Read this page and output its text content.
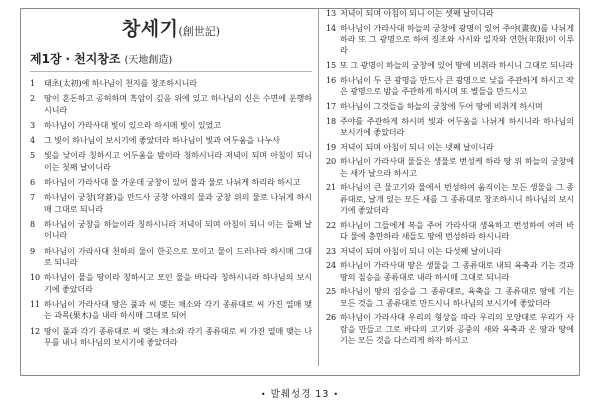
창세기(創世記)
제1장 · 천지창조 (天地創造)
1	태초(太初)에 하나님이 천지를 창조하시니라
2	땅이 혼돈하고 공허하며 흑암이 깊음 위에 있고 하나님의 신은 수면에 운행하시니라
3	하나님이 가라사대 빛이 있으라 하시매 빛이 있었고
4	그 빛이 하나님이 보시기에 좋았더라 하나님이 빛과 어두움을 나누사
5	빛을 낮이라 칭하시고 어두움을 밤이라 칭하시니라 저녁이 되며 아침이 되니 이는 첫째 날이니라
6	하나님이 가라사대 물 가운데 궁창이 있어 물과 물로 나뉘게 하리라 하시고
7	하나님이 궁창(穹蒼)을 만드사 궁창 아래의 물과 궁창 위의 물로 나뉘게 하시매 그대로 되니라
8	하나님이 궁창을 하늘이라 칭하시니라 저녁이 되며 아침이 되니 이는 둘째 날이니라
9	하나님이 가라사대 천하의 물이 한곳으로 모이고 뭍이 드러나라 하시매 그대로 되니라
10 하나님이 뭍을 땅이라 칭하시고 모인 물을 바다라 칭하시니라 하나님의 보시기에 좋았더라
11 하나님이 가라사대 땅은 풀과 씨 맺는 채소와 각기 종류대로 씨 가진 열매 맺는 과목(果木)을 내라 하시매 그대로 되어
12 땅이 풀과 각기 종류대로 씨 맺는 채소와 각기 종류대로 씨 가진 열매 맺는 나무를 내니 하나님의 보시기에 좋았더라
13 저녁이 되며 아침이 되니 이는 셋째 날이니라
14 하나님이 가라사대 하늘의 궁창에 광명이 있어 주야(晝夜)를 나뉘게 하라 또 그 광명으로 하여 징조와 사시와 일자와 연한(年限)이 이루라
15 또 그 광명이 하늘의 궁창에 있어 땅에 비취라 하시니 그대로 되니라
16 하나님이 두 큰 광명을 만드사 큰 광명으로 낮을 주관하게 하시고 작은 광명으로 밤을 주관하게 하시며 또 별들을 만드시고
17 하나님이 그것들을 하늘의 궁창에 두어 땅에 비취게 하시며
18 주야를 주관하게 하시며 빛과 어두움을 나뉘게 하시니라 하나님의 보시기에 좋았더라
19 저녁이 되며 아침이 되니 이는 넷째 날이니라
20 하나님이 가라사대 물들은 생물로 번성케 하라 땅 위 하늘의 궁창에는 새가 날으라 하시고
21 하나님이 큰 물고기와 물에서 번성하여 움직이는 모든 생물을 그 종류대로, 날개 있는 모든 새를 그 종류대로 창조하시니 하나님의 보시기에 좋았더라
22 하나님이 그들에게 복을 주어 가라사대 생육하고 번성하여 여러 바다 물에 충만하라 새들도 땅에 번성하라 하시니라
23 저녁이 되며 아침이 되니 이는 다섯째 날이니라
24 하나님이 가라사대 땅은 생물을 그 종류대로 내되 육축과 기는 것과 땅의 짐승을 종류대로 내라 하시매 그대로 되니라
25 하나님이 땅의 짐승을 그 종류대로, 육축을 그 종류대로 땅에 기는 모든 것을 그 종류대로 만드시니 하나님의 보시기에 좋았더라
26 하나님이 가라사대 우리의 형상을 따라 우리의 모양대로 우리가 사람을 만들고 그로 바다의 고기와 공중의 새와 육축과 온 땅과 땅에 기는 모든 것을 다스리게 하자 하시고
• 발췌성경 13 •
